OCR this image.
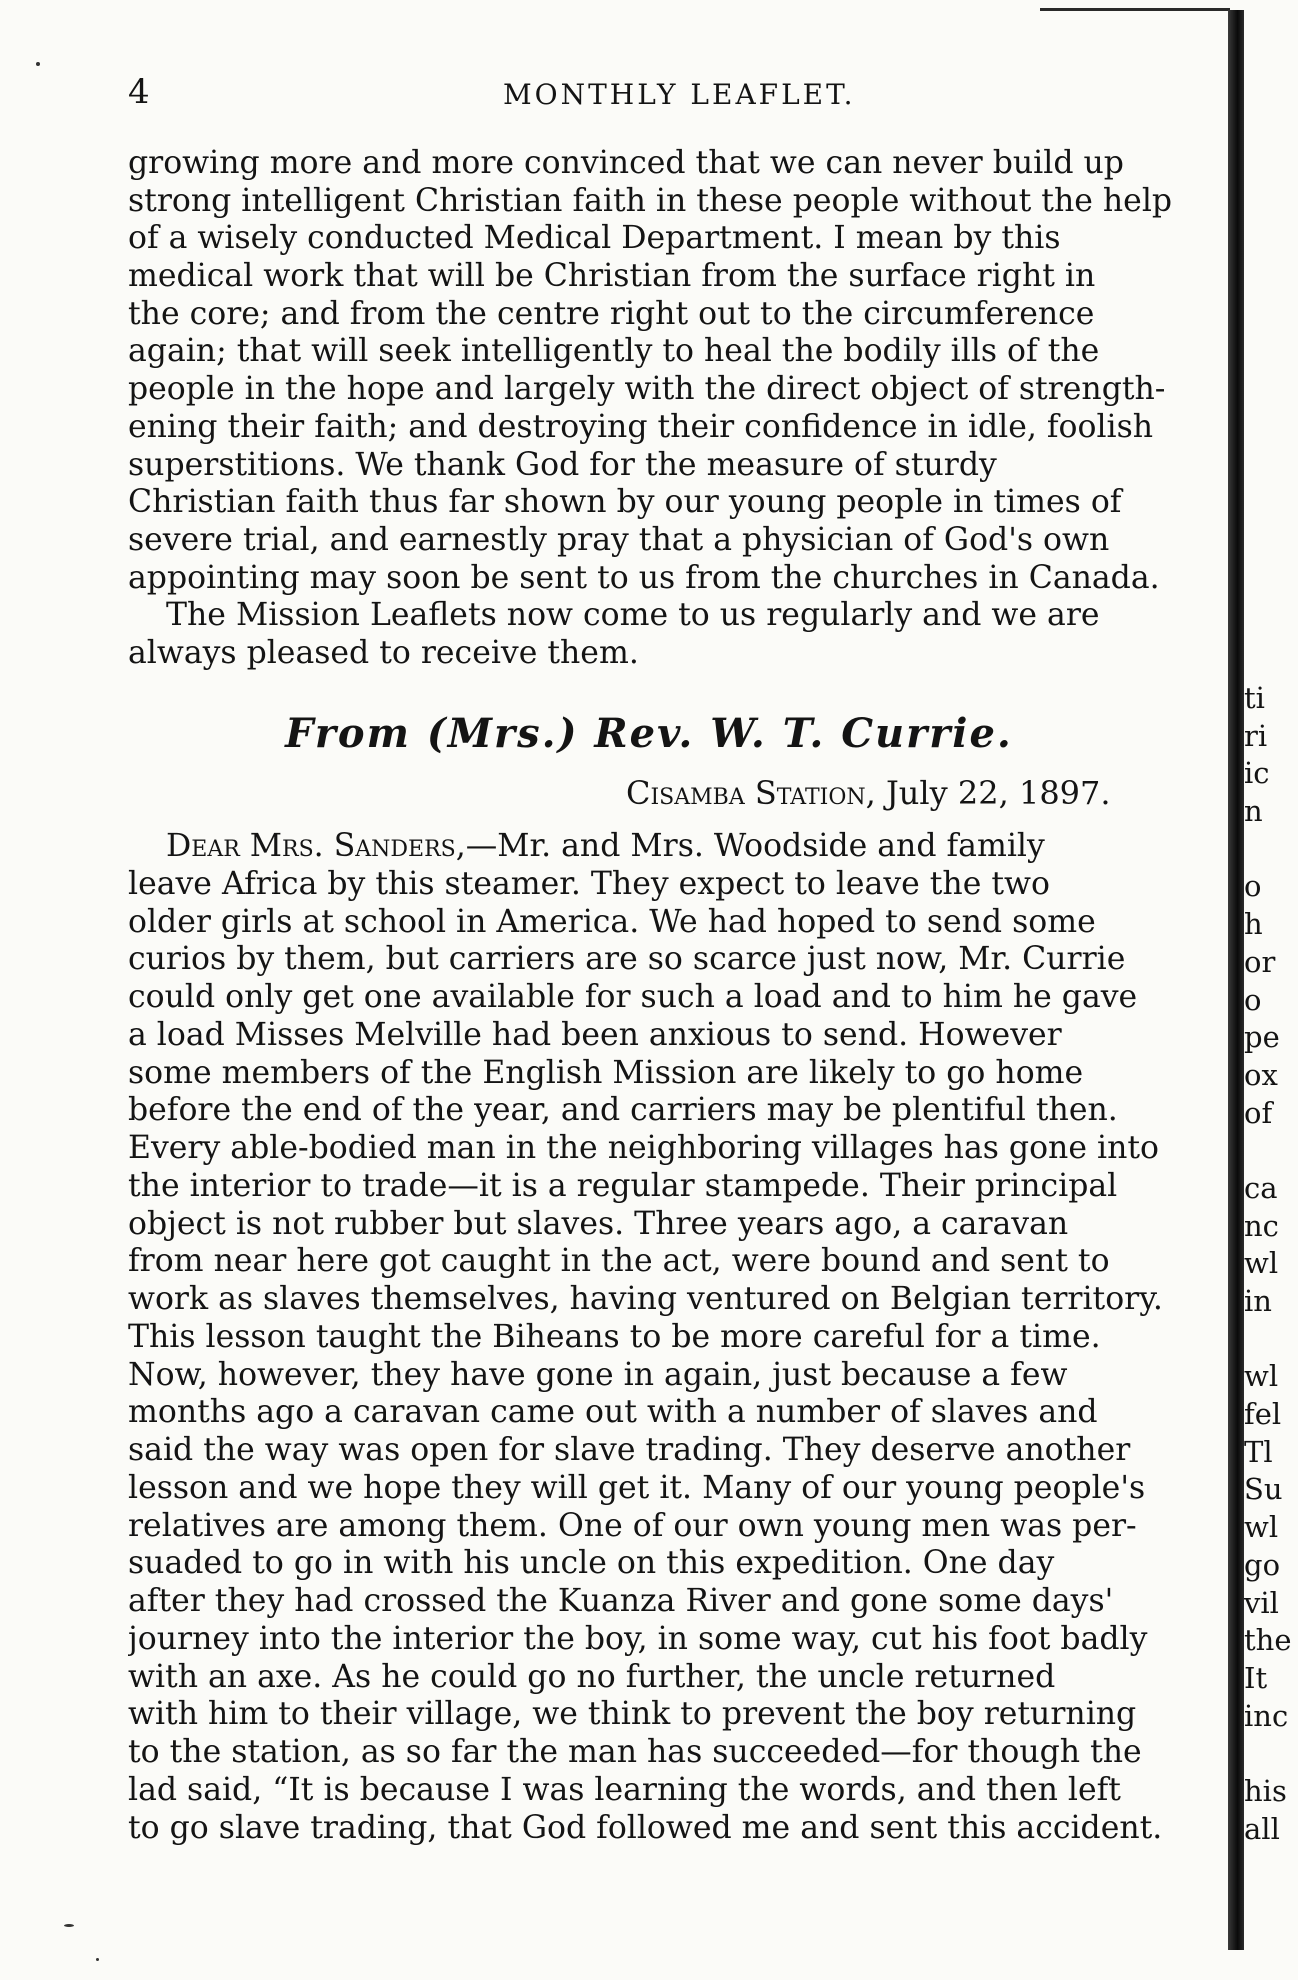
4	MONTHLY LEAFLET.
growing more and more convinced that we can never build up
strong intelligent Christian faith in these people without the help
of a wisely conducted Medical Department. I mean by this
medical work that will be Christian from the surface right in
the core; and from the centre right out to the circumference
again; that will seek intelligently to heal the bodily ills of the
people in the hope and largely with the direct object of strength-
ening their faith; and destroying their confidence in idle, foolish
superstitions. We thank God for the measure of sturdy
Christian faith thus far shown by our young people in times of
severe trial, and earnestly pray that a physician of God's own
appointing may soon be sent to us from the churches in Canada.
The Mission Leaflets now come to us regularly and we are
always pleased to receive them.
From (Mrs.) Rev. W. T. Currie.
Cisamba Station, July 22, 1897.
Dear Mrs. Sanders,—Mr. and Mrs. Woodside and family
leave Africa by this steamer. They expect to leave the two
older girls at school in America. We had hoped to send some
curios by them, but carriers are so scarce just now, Mr. Currie
could only get one available for such a load and to him he gave
a load Misses Melville had been anxious to send. However
some members of the English Mission are likely to go home
before the end of the year, and carriers may be plentiful then.
Every able-bodied man in the neighboring villages has gone into
the interior to trade—it is a regular stampede. Their principal
object is not rubber but slaves. Three years ago, a caravan
from near here got caught in the act, were bound and sent to
work as slaves themselves, having ventured on Belgian territory.
This lesson taught the Biheans to be more careful for a time.
Now, however, they have gone in again, just because a few
months ago a caravan came out with a number of slaves and
said the way was open for slave trading. They deserve another
lesson and we hope they will get it. Many of our young people's
relatives are among them. One of our own young men was per-
suaded to go in with his uncle on this expedition. One day
after they had crossed the Kuanza River and gone some days'
journey into the interior the boy, in some way, cut his foot badly
with an axe. As he could go no further, the uncle returned
with him to their village, we think to prevent the boy returning
to the station, as so far the man has succeeded—for though the
lad said, “It is because I was learning the words, and then left
to go slave trading, that God followed me and sent this accident.
ti
ri
ic
n
o
h
or
o
pe
ox
of
ca
nc
wl
in
wl
fel
Tl
Su
wl
go
vil
the
It
inc
his
all
